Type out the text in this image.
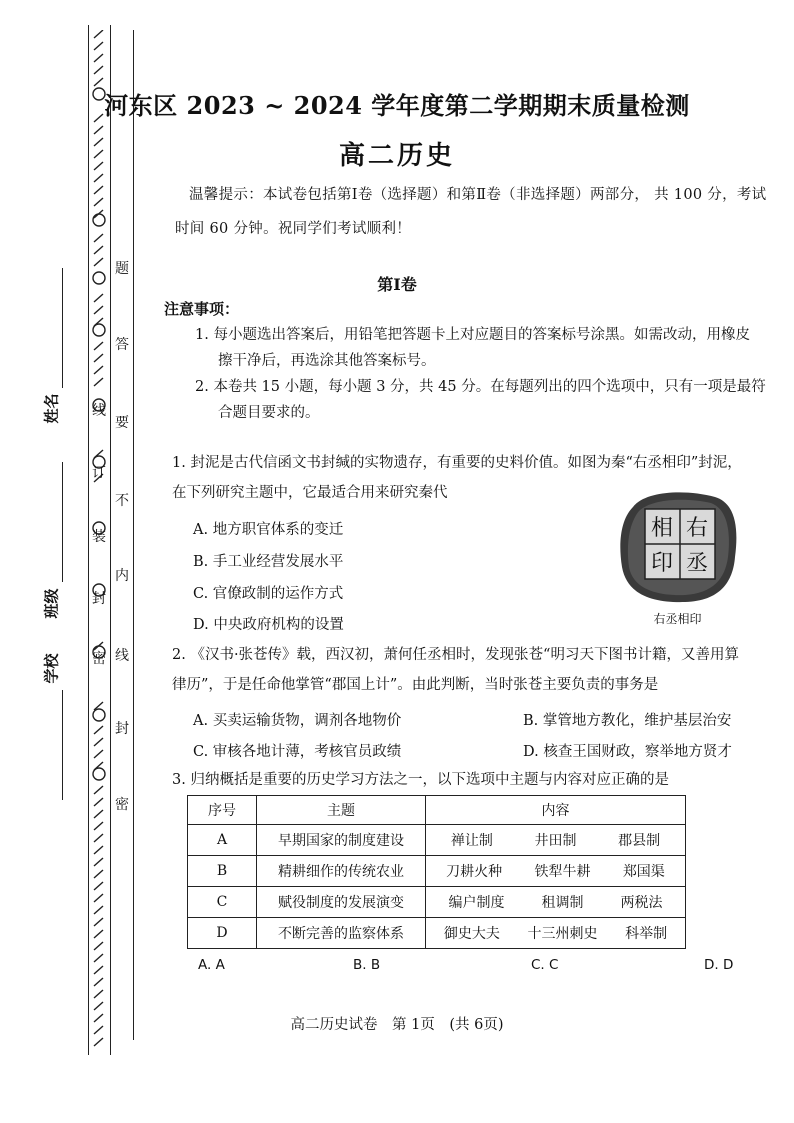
订
装
封
密
线
题
答
要
不
内
线
封
密
姓名
班级
学校
河东区 2023 ~ 2024 学年度第二学期期末质量检测
高二历史
温馨提示：本试卷包括第Ⅰ卷（选择题）和第Ⅱ卷（非选择题）两部分， 共 100 分，考试时间 60 分钟。祝同学们考试顺利！
第Ⅰ卷
注意事项：
1. 每小题选出答案后，用铅笔把答题卡上对应题目的答案标号涂黑。如需改动，用橡皮
擦干净后，再选涂其他答案标号。
2. 本卷共 15 小题，每小题 3 分，共 45 分。在每题列出的四个选项中，只有一项是最符
合题目要求的。
1. 封泥是古代信函文书封缄的实物遗存，有重要的史料价值。如图为秦“右丞相印”封泥，
在下列研究主题中，它最适合用来研究秦代
A. 地方职官体系的变迁
B. 手工业经营发展水平
C. 官僚政制的运作方式
D. 中央政府机构的设置
右
丞
相
印
右丞相印
2. 《汉书·张苍传》载，西汉初，萧何任丞相时，发现张苍“明习天下图书计籍，又善用算
律历”，于是任命他掌管“郡国上计”。由此判断，当时张苍主要负责的事务是
A. 买卖运输货物，调剂各地物价	B. 掌管地方教化，维护基层治安
C. 审核各地计薄，考核官员政绩	D. 核查王国财政，察举地方贤才
3. 归纳概括是重要的历史学习方法之一，以下选项中主题与内容对应正确的是
序号	主题	内容
A	早期国家的制度建设	禅让制 井田制 郡县制

B	精耕细作的传统农业	刀耕火种 铁犁牛耕 郑国渠

C	赋役制度的发展演变	编户制度 租调制 两税法

D	不断完善的监察体系	御史大夫 十三州刺史 科举制
A. A	B. B	C. C	D. D
高二历史试卷　第 1页　(共 6页)
